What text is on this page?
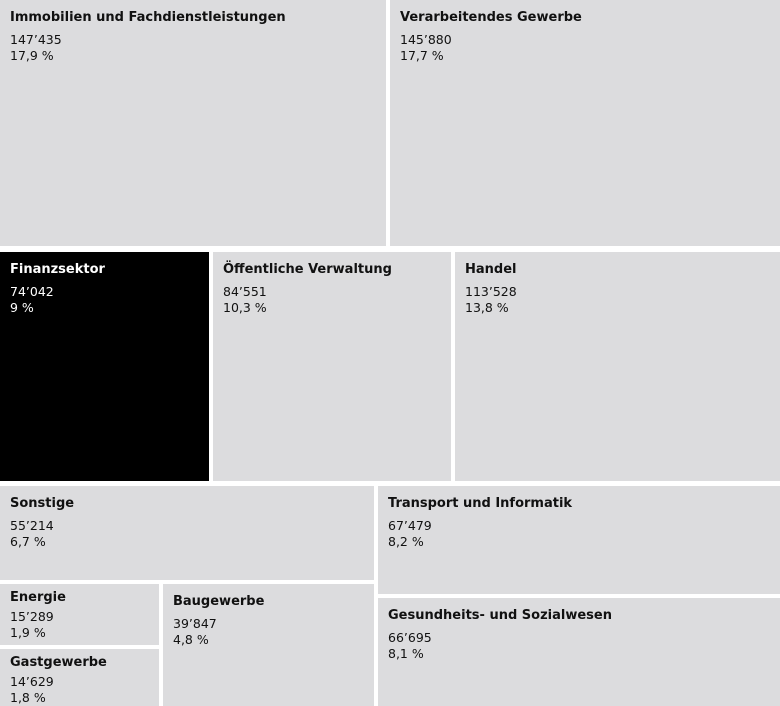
Immobilien und Fachdienstleistungen
147’435
17,9 %
Verarbeitendes Gewerbe
145’880
17,7 %
Finanzsektor
74’042
9 %
Öffentliche Verwaltung
84’551
10,3 %
Handel
113’528
13,8 %
Sonstige
55’214
6,7 %
Transport und Informatik
67’479
8,2 %
Energie
15’289
1,9 %
Baugewerbe
39’847
4,8 %
Gesundheits- und Sozialwesen
66’695
8,1 %
Gastgewerbe
14’629
1,8 %
